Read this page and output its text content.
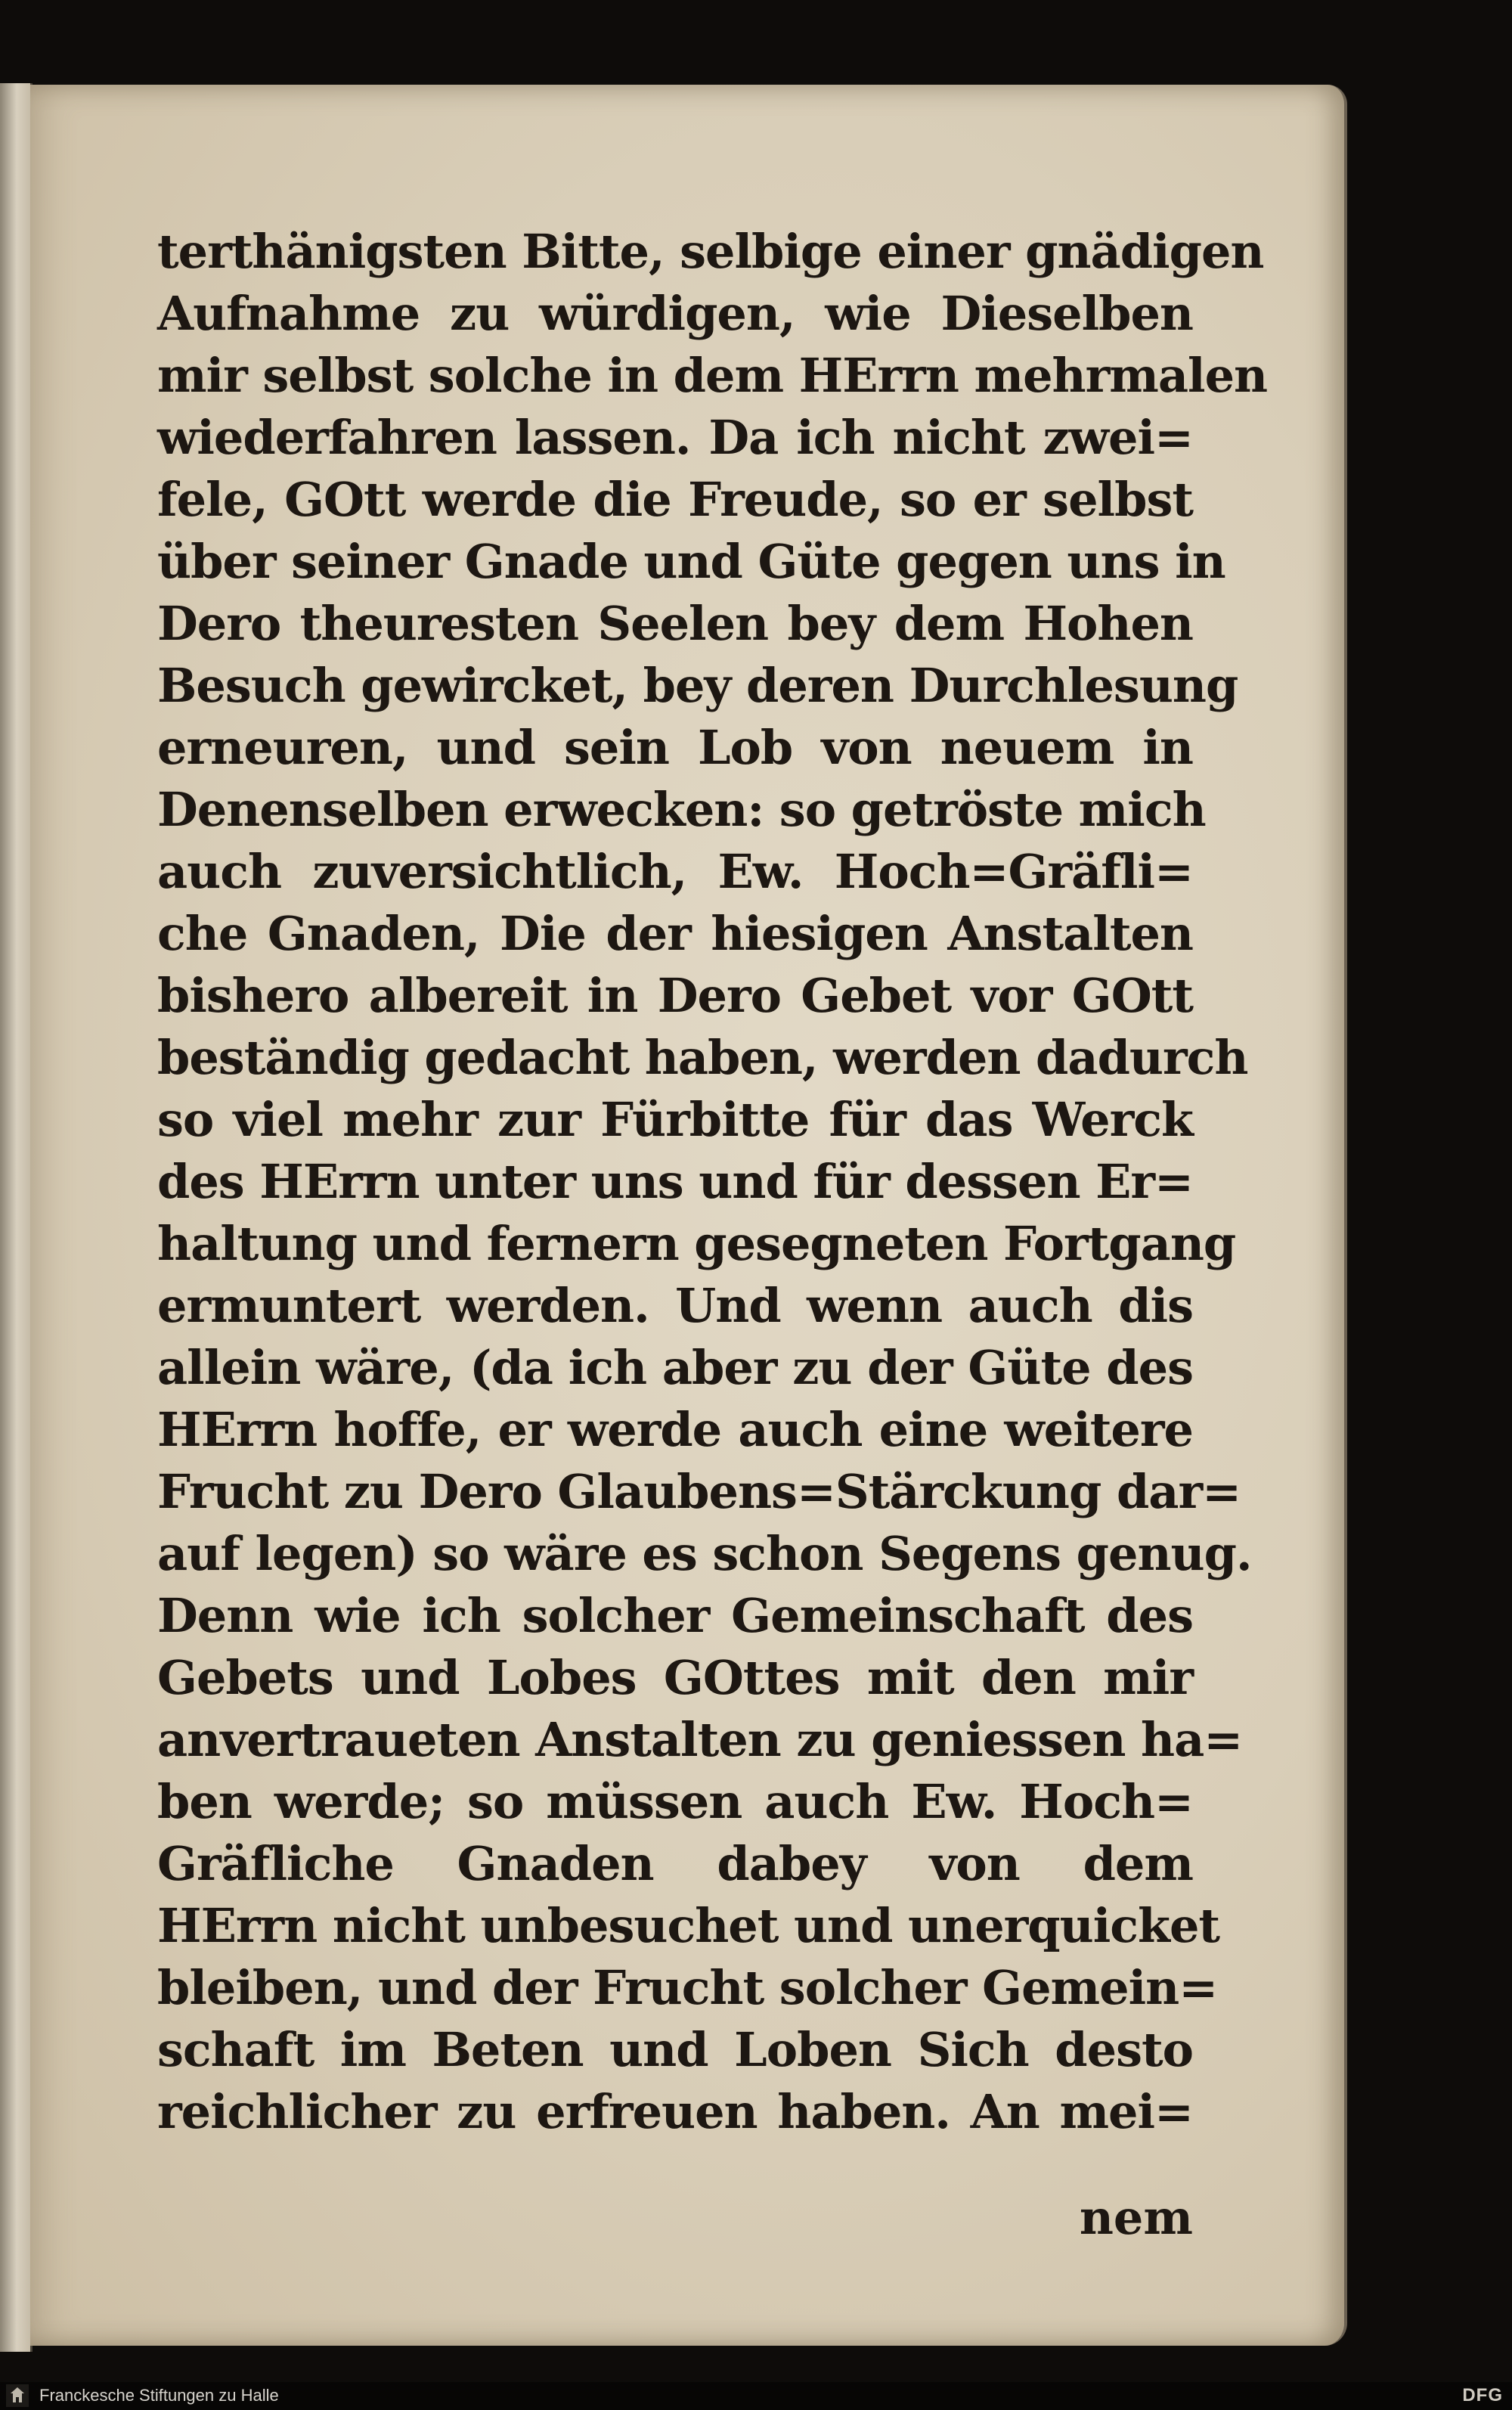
terthänigsten Bitte, selbige einer gnädigen
Aufnahme zu würdigen, wie Dieselben
mir selbst solche in dem HErrn mehrmalen
wiederfahren lassen. Da ich nicht zwei=
fele, GOtt werde die Freude, so er selbst
über seiner Gnade und Güte gegen uns in
Dero theuresten Seelen bey dem Hohen
Besuch gewircket, bey deren Durchlesung
erneuren, und sein Lob von neuem in
Denenselben erwecken: so getröste mich
auch zuversichtlich, Ew. Hoch=Gräfli=
che Gnaden, Die der hiesigen Anstalten
bishero albereit in Dero Gebet vor GOtt
beständig gedacht haben, werden dadurch
so viel mehr zur Fürbitte für das Werck
des HErrn unter uns und für dessen Er=
haltung und fernern gesegneten Fortgang
ermuntert werden. Und wenn auch dis
allein wäre, (da ich aber zu der Güte des
HErrn hoffe, er werde auch eine weitere
Frucht zu Dero Glaubens=Stärckung dar=
auf legen) so wäre es schon Segens genug.
Denn wie ich solcher Gemeinschaft des
Gebets und Lobes GOttes mit den mir
anvertraueten Anstalten zu geniessen ha=
ben werde; so müssen auch Ew. Hoch=
Gräfliche Gnaden dabey von dem
HErrn nicht unbesuchet und unerquicket
bleiben, und der Frucht solcher Gemein=
schaft im Beten und Loben Sich desto
reichlicher zu erfreuen haben. An mei=
nem
Franckesche Stiftungen zu Halle	DFG
